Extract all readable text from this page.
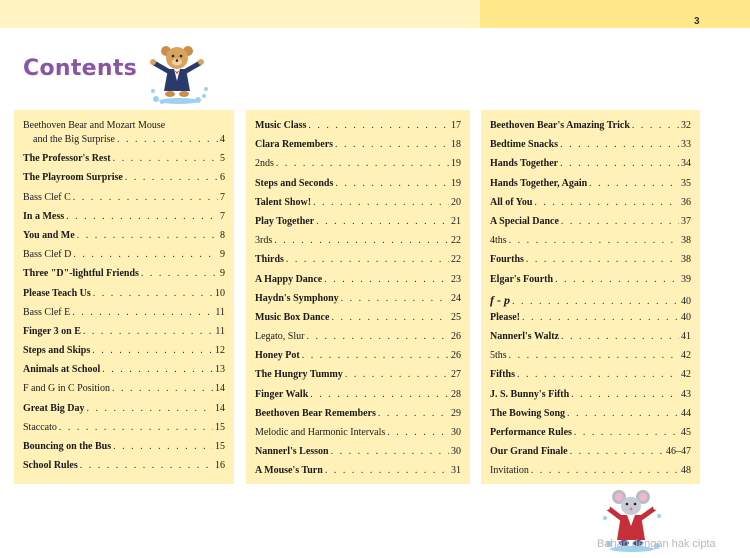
3
Contents
Beethoven Bear and Mozart Mouse
and the Big Surprise . . .	4
The Professor's Rest . . .	5
The Playroom Surprise . . .	6
Bass Clef C . . .	7
In a Mess . . .	7
You and Me . . .	8
Bass Clef D . . .	9
Three "D"-lightful Friends . . .	9
Please Teach Us . . .	10
Bass Clef E . . .	11
Finger 3 on E . . .	11
Steps and Skips . . .	12
Animals at School . . .	13
F and G in C Position . . .	14
Great Big Day . . .	14
Staccato . . .	15
Bouncing on the Bus . . .	15
School Rules . . .	16
Music Class . . .	17
Clara Remembers . . .	18
2nds . . .	19
Steps and Seconds . . .	19
Talent Show! . . .	20
Play Together . . .	21
3rds . . .	22
Thirds . . .	22
A Happy Dance . . .	23
Haydn's Symphony . . .	24
Music Box Dance . . .	25
Legato, Slur . . .	26
Honey Pot . . .	26
The Hungry Tummy . . .	27
Finger Walk . . .	28
Beethoven Bear Remembers . . .	29
Melodic and Harmonic Intervals . . .	30
Nannerl's Lesson . . .	30
A Mouse's Turn . . .	31
Beethoven Bear's Amazing Trick . . .	32
Bedtime Snacks . . .	33
Hands Together . . .	34
Hands Together, Again . . .	35
All of You . . .	36
A Special Dance . . .	37
4ths . . .	38
Fourths . . .	38
Elgar's Fourth . . .	39
f - p . . .	40
Please! . . .	40
Nannerl's Waltz . . .	41
5ths . . .	42
Fifths . . .	42
J. S. Bunny's Fifth . . .	43
The Bowing Song . . .	44
Performance Rules . . .	45
Our Grand Finale . . .	46–47
Invitation . . .	48
Bahan dengan hak cipta
